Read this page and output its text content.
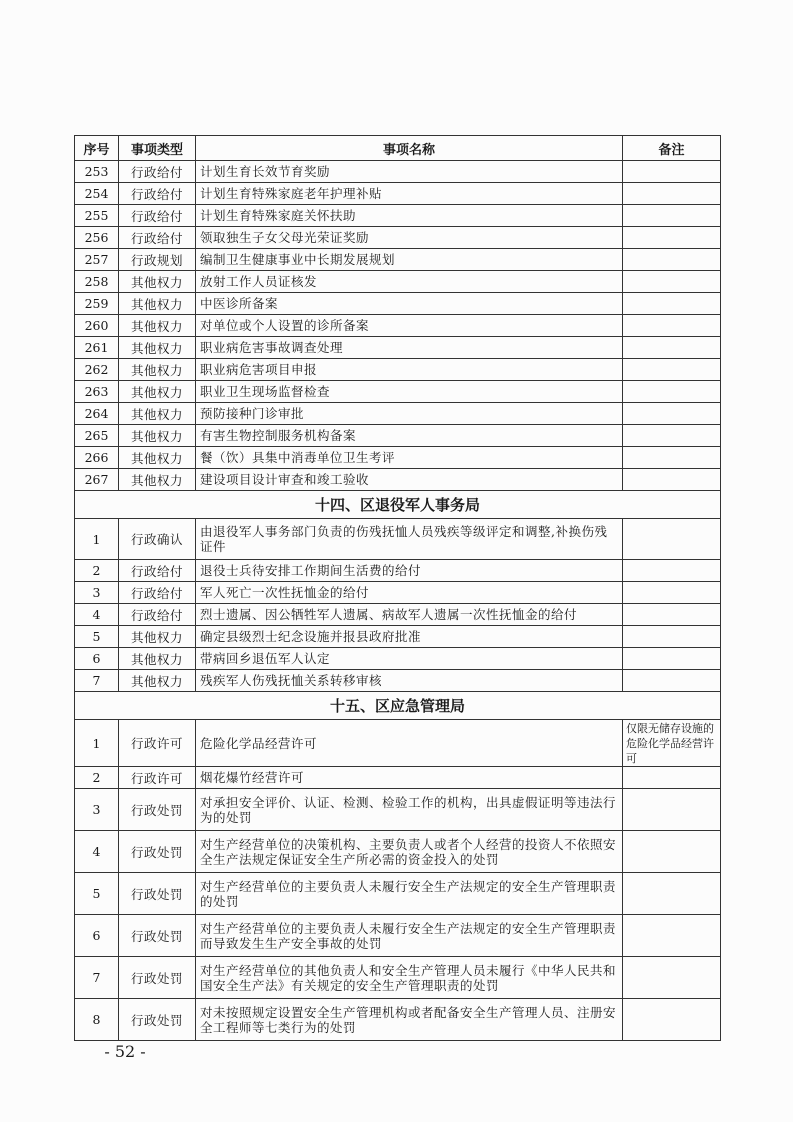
序号	事项类型	事项名称	备注
253	行政给付	计划生育长效节育奖励	
254	行政给付	计划生育特殊家庭老年护理补贴	
255	行政给付	计划生育特殊家庭关怀扶助	
256	行政给付	领取独生子女父母光荣证奖励	
257	行政规划	编制卫生健康事业中长期发展规划	
258	其他权力	放射工作人员证核发	
259	其他权力	中医诊所备案	
260	其他权力	对单位或个人设置的诊所备案	
261	其他权力	职业病危害事故调查处理	
262	其他权力	职业病危害项目申报	
263	其他权力	职业卫生现场监督检查	
264	其他权力	预防接种门诊审批	
265	其他权力	有害生物控制服务机构备案	
266	其他权力	餐（饮）具集中消毒单位卫生考评	
267	其他权力	建设项目设计审查和竣工验收	
十四、区退役军人事务局			
1	行政确认	由退役军人事务部门负责的伤残抚恤人员残疾等级评定和调整,补换伤残证件	
2	行政给付	退役士兵待安排工作期间生活费的给付	
3	行政给付	军人死亡一次性抚恤金的给付	
4	行政给付	烈士遗属、因公牺牲军人遗属、病故军人遗属一次性抚恤金的给付	
5	其他权力	确定县级烈士纪念设施并报县政府批准	
6	其他权力	带病回乡退伍军人认定	
7	其他权力	残疾军人伤残抚恤关系转移审核	
十五、区应急管理局			
1	行政许可	危险化学品经营许可	仅限无储存设施的危险化学品经营许可
2	行政许可	烟花爆竹经营许可	
3	行政处罚	对承担安全评价、认证、检测、检验工作的机构，出具虚假证明等违法行为的处罚	
4	行政处罚	对生产经营单位的决策机构、主要负责人或者个人经营的投资人不依照安全生产法规定保证安全生产所必需的资金投入的处罚	
5	行政处罚	对生产经营单位的主要负责人未履行安全生产法规定的安全生产管理职责的处罚	
6	行政处罚	对生产经营单位的主要负责人未履行安全生产法规定的安全生产管理职责而导致发生生产安全事故的处罚	
7	行政处罚	对生产经营单位的其他负责人和安全生产管理人员未履行《中华人民共和国安全生产法》有关规定的安全生产管理职责的处罚	
8	行政处罚	对未按照规定设置安全生产管理机构或者配备安全生产管理人员、注册安全工程师等七类行为的处罚	
- 52 -
